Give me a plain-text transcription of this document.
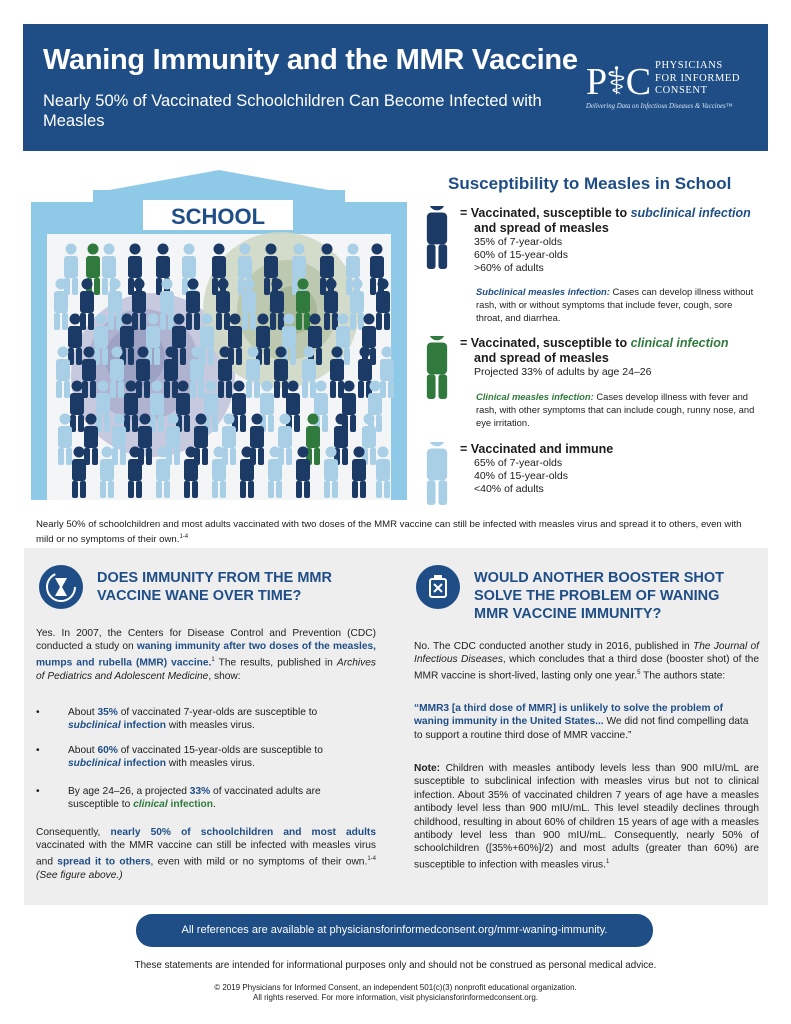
Waning Immunity and the MMR Vaccine
Nearly 50% of Vaccinated Schoolchildren Can Become Infected with Measles
P⚕C PHYSICIANS
FOR INFORMED
CONSENT
Delivering Data on Infectious Diseases & Vaccines™
SCHOOL
Susceptibility to Measles in School
= Vaccinated, susceptible to subclinical infection
and spread of measles
35% of 7-year-olds
60% of 15-year-olds
>60% of adults
Subclinical measles infection: Cases can develop illness without rash, with or without symptoms that include fever, cough, sore throat, and diarrhea.
= Vaccinated, susceptible to clinical infection
and spread of measles
Projected 33% of adults by age 24–26
Clinical measles infection: Cases develop illness with fever and rash, with other symptoms that can include cough, runny nose, and eye irritation.
= Vaccinated and immune
65% of 7-year-olds
40% of 15-year-olds
<40% of adults
Nearly 50% of schoolchildren and most adults vaccinated with two doses of the MMR vaccine can still be infected with measles virus and spread it to others, even with mild or no symptoms of their own.$^{1-4}$
DOES IMMUNITY FROM THE MMR
VACCINE WANE OVER TIME?
Yes. In 2007, the Centers for Disease Control and Prevention (CDC) conducted a study on waning immunity after two doses of the measles, mumps and rubella (MMR) vaccine.$^1$ The results, published in Archives of Pediatrics and Adolescent Medicine, show:
•	About 35% of vaccinated 7-year-olds are susceptible to subclinical infection with measles virus.
•	About 60% of vaccinated 15-year-olds are susceptible to subclinical infection with measles virus.
•	By age 24–26, a projected 33% of vaccinated adults are susceptible to clinical infection.
Consequently, nearly 50% of schoolchildren and most adults vaccinated with the MMR vaccine can still be infected with measles virus and spread it to others, even with mild or no symptoms of their own.$^{1-4}$ (See figure above.)
WOULD ANOTHER BOOSTER SHOT
SOLVE THE PROBLEM OF WANING
MMR VACCINE IMMUNITY?
No. The CDC conducted another study in 2016, published in The Journal of Infectious Diseases, which concludes that a third dose (booster shot) of the MMR vaccine is short-lived, lasting only one year.$^5$ The authors state:
“MMR3 [a third dose of MMR] is unlikely to solve the problem of waning immunity in the United States... We did not find compelling data to support a routine third dose of MMR vaccine.”
Note: Children with measles antibody levels less than 900 mIU/mL are susceptible to subclinical infection with measles virus but not to clinical infection. About 35% of vaccinated children 7 years of age have a measles antibody level less than 900 mIU/mL. This level steadily declines through childhood, resulting in about 60% of children 15 years of age with a measles antibody level less than 900 mIU/mL. Consequently, nearly 50% of schoolchildren ([35%+60%]/2) and most adults (greater than 60%) are susceptible to infection with measles virus.$^1$
All references are available at physiciansforinformedconsent.org/mmr-waning-immunity.
These statements are intended for informational purposes only and should not be construed as personal medical advice.
© 2019 Physicians for Informed Consent, an independent 501(c)(3) nonprofit educational organization.
All rights reserved. For more information, visit physiciansforinformedconsent.org.
